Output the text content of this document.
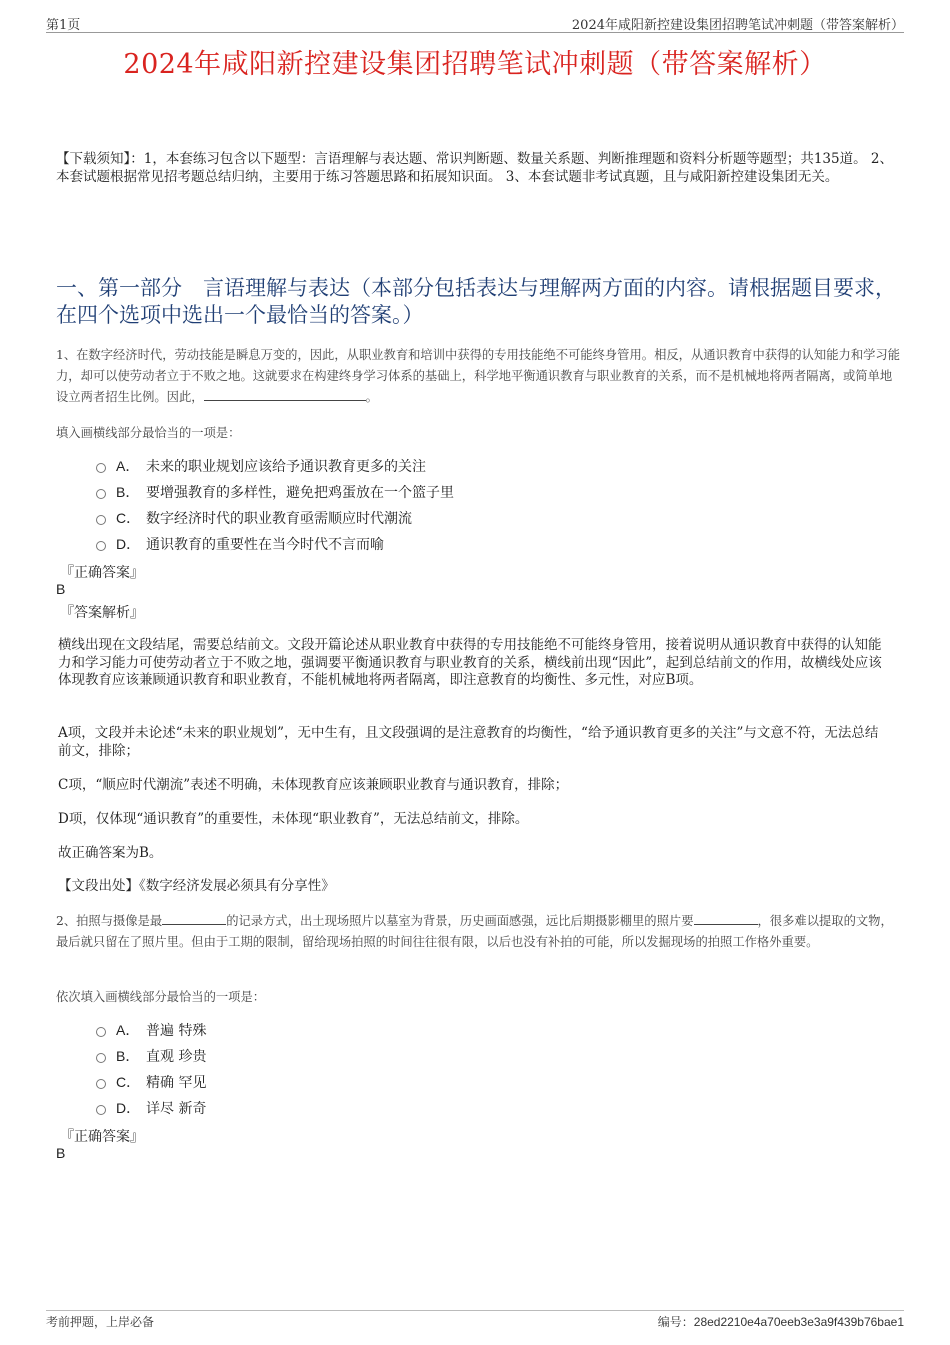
第1页	2024年咸阳新控建设集团招聘笔试冲刺题（带答案解析）
2024年咸阳新控建设集团招聘笔试冲刺题（带答案解析）
【下载须知】：1，本套练习包含以下题型：言语理解与表达题、常识判断题、数量关系题、判断推理题和资料分析题等题型；共135道。 2、本套试题根据常见招考题总结归纳，主要用于练习答题思路和拓展知识面。 3、本套试题非考试真题，且与咸阳新控建设集团无关。
一、第一部分　言语理解与表达（本部分包括表达与理解两方面的内容。请根据题目要求，在四个选项中选出一个最恰当的答案。）
1、在数字经济时代，劳动技能是瞬息万变的，因此，从职业教育和培训中获得的专用技能绝不可能终身管用。相反，从通识教育中获得的认知能力和学习能力，却可以使劳动者立于不败之地。这就要求在构建终身学习体系的基础上，科学地平衡通识教育与职业教育的关系，而不是机械地将两者隔离，或简单地设立两者招生比例。因此，	。
填入画横线部分最恰当的一项是：
A． 未来的职业规划应该给予通识教育更多的关注
B． 要增强教育的多样性，避免把鸡蛋放在一个篮子里
C． 数字经济时代的职业教育亟需顺应时代潮流
D． 通识教育的重要性在当今时代不言而喻
『正确答案』
B
『答案解析』
横线出现在文段结尾，需要总结前文。文段开篇论述从职业教育中获得的专用技能绝不可能终身管用，接着说明从通识教育中获得的认知能力和学习能力可使劳动者立于不败之地，强调要平衡通识教育与职业教育的关系，横线前出现“因此”，起到总结前文的作用，故横线处应该体现教育应该兼顾通识教育和职业教育，不能机械地将两者隔离，即注意教育的均衡性、多元性，对应B项。
A项，文段并未论述“未来的职业规划”，无中生有，且文段强调的是注意教育的均衡性，“给予通识教育更多的关注”与文意不符，无法总结前文，排除；
C项，“顺应时代潮流”表述不明确，未体现教育应该兼顾职业教育与通识教育，排除；
D项，仅体现“通识教育”的重要性，未体现“职业教育”，无法总结前文，排除。
故正确答案为B。
【文段出处】《数字经济发展必须具有分享性》
2、拍照与摄像是最	的记录方式，出土现场照片以墓室为背景，历史画面感强，远比后期摄影棚里的照片要	，很多难以提取的文物，最后就只留在了照片里。但由于工期的限制，留给现场拍照的时间往往很有限，以后也没有补拍的可能，所以发掘现场的拍照工作格外重要。
依次填入画横线部分最恰当的一项是：
A． 普遍 特殊
B． 直观 珍贵
C． 精确 罕见
D． 详尽 新奇
『正确答案』
B
考前押题，上岸必备	编号：28ed2210e4a70eeb3e3a9f439b76bae1
